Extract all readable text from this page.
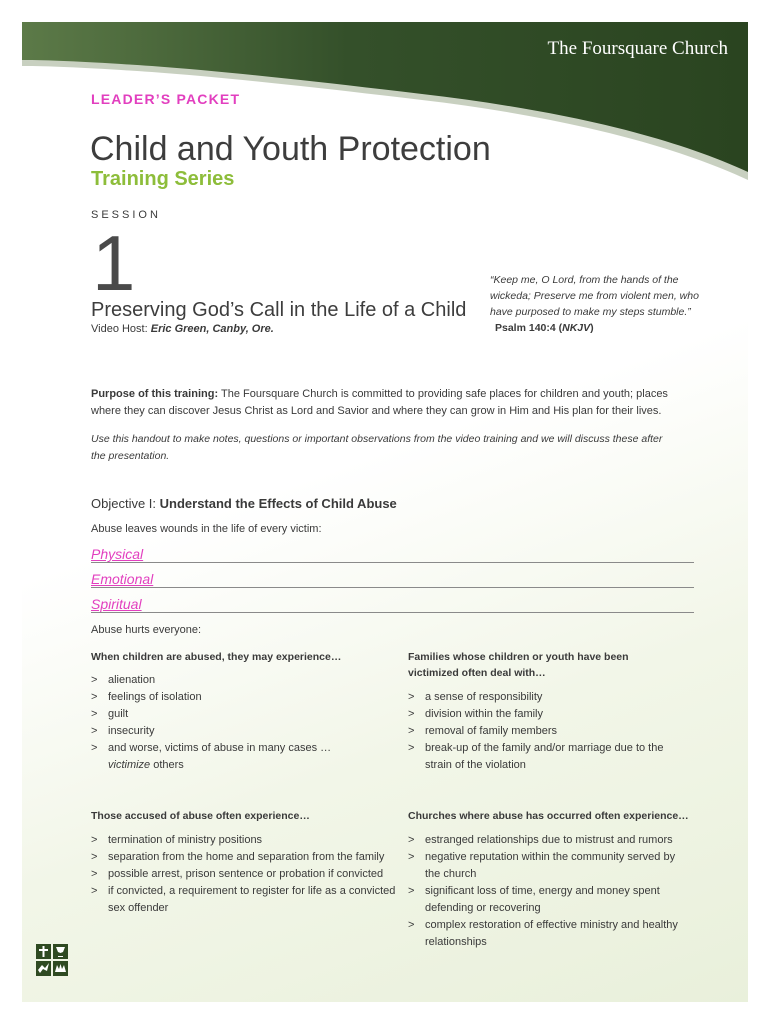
The Foursquare Church
LEADER’S PACKET
Child and Youth Protection
Training Series
SESSION
1
Preserving God’s Call in the Life of a Child
Video Host: Eric Green, Canby, Ore.
“Keep me, O Lord, from the hands of the wickeda; Preserve me from violent men, who have purposed to make my steps stumble.”
Psalm 140:4 (NKJV)
Purpose of this training: The Foursquare Church is committed to providing safe places for children and youth; places where they can discover Jesus Christ as Lord and Savior and where they can grow in Him and His plan for their lives.
Use this handout to make notes, questions or important observations from the video training and we will discuss these after the presentation.
Objective I: Understand the Effects of Child Abuse
Abuse leaves wounds in the life of every victim:
Physical
Emotional
Spiritual
Abuse hurts everyone:
When children are abused, they may experience…
> alienation
> feelings of isolation
> guilt
> insecurity
> and worse, victims of abuse in many cases …
victimize others
Families whose children or youth have been victimized often deal with…
> a sense of responsibility
> division within the family
> removal of family members
> break-up of the family and/or marriage due to the strain of the violation
Those accused of abuse often experience…
> termination of ministry positions
> separation from the home and separation from the family
> possible arrest, prison sentence or probation if convicted
> if convicted, a requirement to register for life as a convicted sex offender
Churches where abuse has occurred often experience…
> estranged relationships due to mistrust and rumors
> negative reputation within the community served by the church
> significant loss of time, energy and money spent defending or recovering
> complex restoration of effective ministry and healthy relationships
